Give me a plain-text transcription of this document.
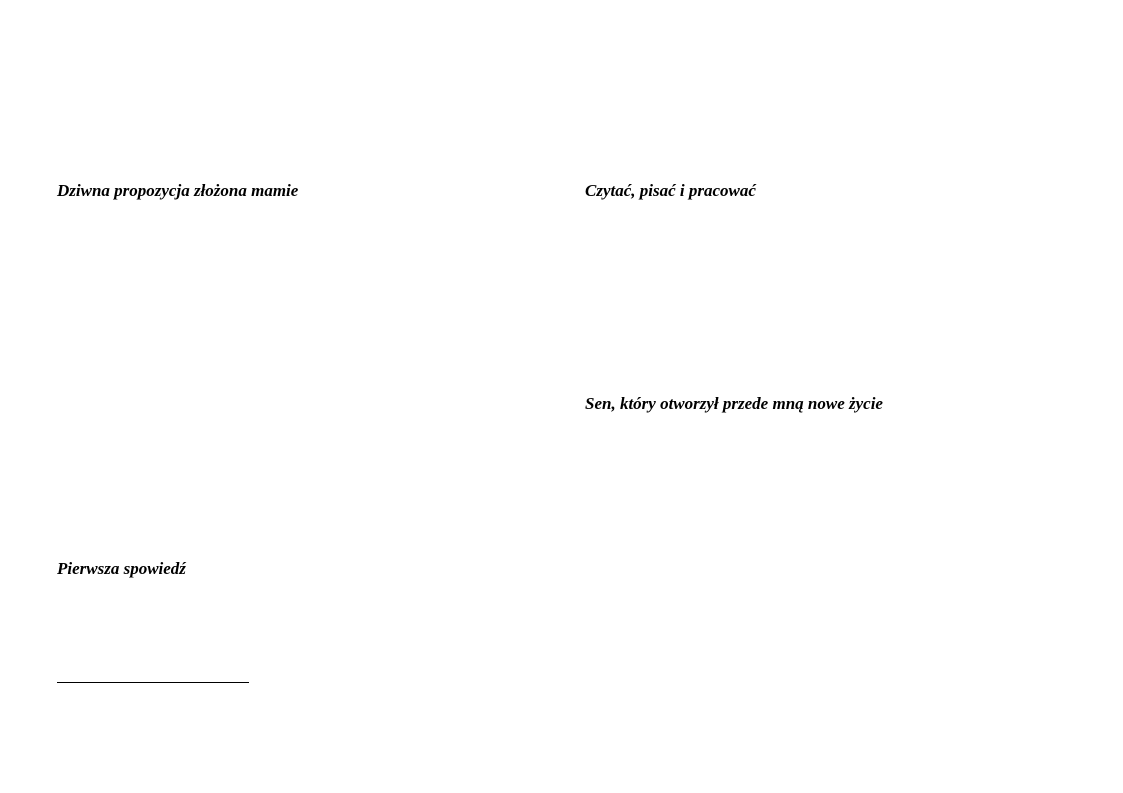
Dziwna propozycja złożona mamie
Pierwsza spowiedź
Czytać, pisać i pracować
Sen, który otworzył przede mną nowe życie
